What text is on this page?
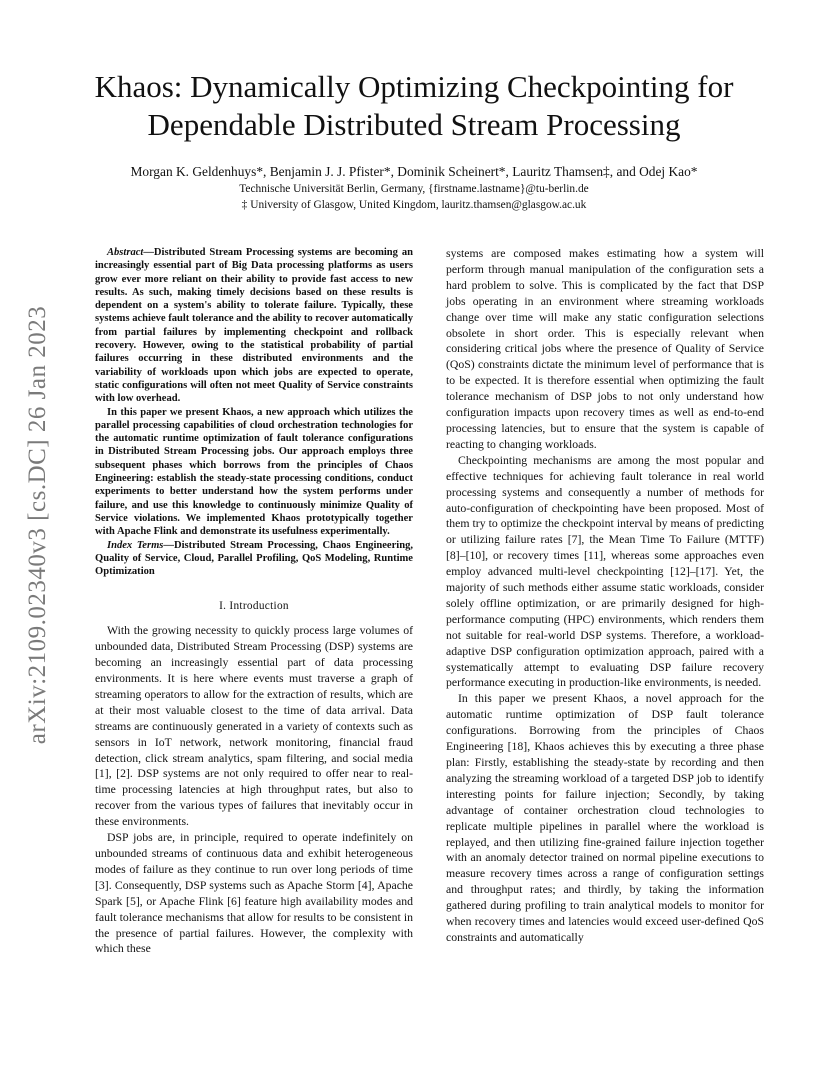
arXiv:2109.02340v3 [cs.DC] 26 Jan 2023
Khaos: Dynamically Optimizing Checkpointing for
Dependable Distributed Stream Processing
Morgan K. Geldenhuys*, Benjamin J. J. Pfister*, Dominik Scheinert*, Lauritz Thamsen‡, and Odej Kao*
Technische Universität Berlin, Germany, {firstname.lastname}@tu-berlin.de
‡ University of Glasgow, United Kingdom, lauritz.thamsen@glasgow.ac.uk

Abstract—Distributed Stream Processing systems are becoming an increasingly essential part of Big Data processing platforms as users grow ever more reliant on their ability to provide fast access to new results. As such, making timely decisions based on these results is dependent on a system's ability to tolerate failure. Typically, these systems achieve fault tolerance and the ability to recover automatically from partial failures by implementing checkpoint and rollback recovery. However, owing to the statistical probability of partial failures occurring in these distributed environments and the variability of workloads upon which jobs are expected to operate, static configurations will often not meet Quality of Service constraints with low overhead.

In this paper we present Khaos, a new approach which utilizes the parallel processing capabilities of cloud orchestration technologies for the automatic runtime optimization of fault tolerance configurations in Distributed Stream Processing jobs. Our approach employs three subsequent phases which borrows from the principles of Chaos Engineering: establish the steady-state processing conditions, conduct experiments to better understand how the system performs under failure, and use this knowledge to continuously minimize Quality of Service violations. We implemented Khaos prototypically together with Apache Flink and demonstrate its usefulness experimentally.

Index Terms—Distributed Stream Processing, Chaos Engineering, Quality of Service, Cloud, Parallel Profiling, QoS Modeling, Runtime Optimization

I. Introduction

With the growing necessity to quickly process large volumes of unbounded data, Distributed Stream Processing (DSP) systems are becoming an increasingly essential part of data processing environments. It is here where events must traverse a graph of streaming operators to allow for the extraction of results, which are at their most valuable closest to the time of data arrival. Data streams are continuously generated in a variety of contexts such as sensors in IoT network, network monitoring, financial fraud detection, click stream analytics, spam filtering, and social media [1], [2]. DSP systems are not only required to offer near to real-time processing latencies at high throughput rates, but also to recover from the various types of failures that inevitably occur in these environments.

DSP jobs are, in principle, required to operate indefinitely on unbounded streams of continuous data and exhibit heterogeneous modes of failure as they continue to run over long periods of time [3]. Consequently, DSP systems such as Apache Storm [4], Apache Spark [5], or Apache Flink [6] feature high availability modes and fault tolerance mechanisms that allow for results to be consistent in the presence of partial failures. However, the complexity with which these

systems are composed makes estimating how a system will perform through manual manipulation of the configuration sets a hard problem to solve. This is complicated by the fact that DSP jobs operating in an environment where streaming workloads change over time will make any static configuration selections obsolete in short order. This is especially relevant when considering critical jobs where the presence of Quality of Service (QoS) constraints dictate the minimum level of performance that is to be expected. It is therefore essential when optimizing the fault tolerance mechanism of DSP jobs to not only understand how configuration impacts upon recovery times as well as end-to-end processing latencies, but to ensure that the system is capable of reacting to changing workloads.

Checkpointing mechanisms are among the most popular and effective techniques for achieving fault tolerance in real world processing systems and consequently a number of methods for auto-configuration of checkpointing have been proposed. Most of them try to optimize the checkpoint interval by means of predicting or utilizing failure rates [7], the Mean Time To Failure (MTTF) [8]–[10], or recovery times [11], whereas some approaches even employ advanced multi-level checkpointing [12]–[17]. Yet, the majority of such methods either assume static workloads, consider solely offline optimization, or are primarily designed for high-performance computing (HPC) environments, which renders them not suitable for real-world DSP systems. Therefore, a workload-adaptive DSP configuration optimization approach, paired with a systematically attempt to evaluating DSP failure recovery performance executing in production-like environments, is needed.

In this paper we present Khaos, a novel approach for the automatic runtime optimization of DSP fault tolerance configurations. Borrowing from the principles of Chaos Engineering [18], Khaos achieves this by executing a three phase plan: Firstly, establishing the steady-state by recording and then analyzing the streaming workload of a targeted DSP job to identify interesting points for failure injection; Secondly, by taking advantage of container orchestration cloud technologies to replicate multiple pipelines in parallel where the workload is replayed, and then utilizing fine-grained failure injection together with an anomaly detector trained on normal pipeline executions to measure recovery times across a range of configuration settings and throughput rates; and thirdly, by taking the information gathered during profiling to train analytical models to monitor for when recovery times and latencies would exceed user-defined QoS constraints and automatically
